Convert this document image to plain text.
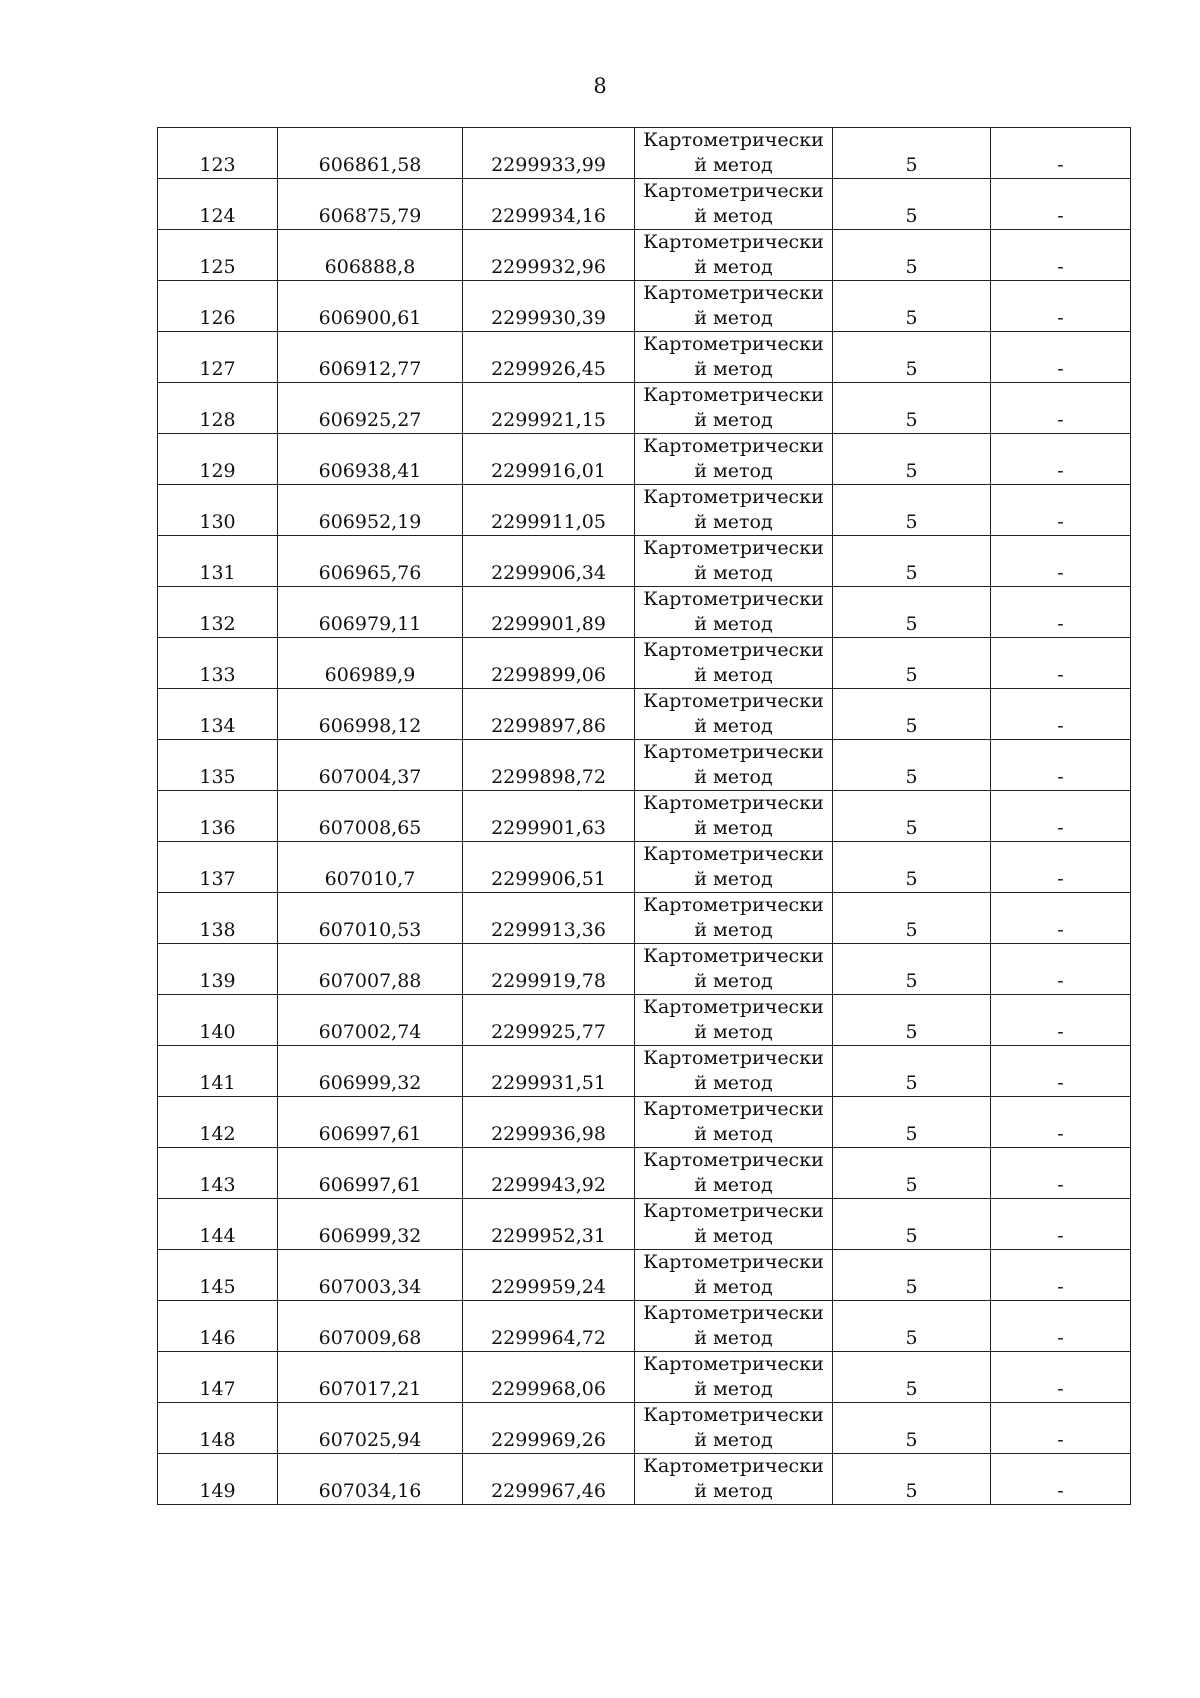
8
123	606861,58	2299933,99	Картометрически
й метод	5	-
124	606875,79	2299934,16	Картометрически
й метод	5	-
125	606888,8	2299932,96	Картометрически
й метод	5	-
126	606900,61	2299930,39	Картометрически
й метод	5	-
127	606912,77	2299926,45	Картометрически
й метод	5	-
128	606925,27	2299921,15	Картометрически
й метод	5	-
129	606938,41	2299916,01	Картометрически
й метод	5	-
130	606952,19	2299911,05	Картометрически
й метод	5	-
131	606965,76	2299906,34	Картометрически
й метод	5	-
132	606979,11	2299901,89	Картометрически
й метод	5	-
133	606989,9	2299899,06	Картометрически
й метод	5	-
134	606998,12	2299897,86	Картометрически
й метод	5	-
135	607004,37	2299898,72	Картометрически
й метод	5	-
136	607008,65	2299901,63	Картометрически
й метод	5	-
137	607010,7	2299906,51	Картометрически
й метод	5	-
138	607010,53	2299913,36	Картометрически
й метод	5	-
139	607007,88	2299919,78	Картометрически
й метод	5	-
140	607002,74	2299925,77	Картометрически
й метод	5	-
141	606999,32	2299931,51	Картометрически
й метод	5	-
142	606997,61	2299936,98	Картометрически
й метод	5	-
143	606997,61	2299943,92	Картометрически
й метод	5	-
144	606999,32	2299952,31	Картометрически
й метод	5	-
145	607003,34	2299959,24	Картометрически
й метод	5	-
146	607009,68	2299964,72	Картометрически
й метод	5	-
147	607017,21	2299968,06	Картометрически
й метод	5	-
148	607025,94	2299969,26	Картометрически
й метод	5	-
149	607034,16	2299967,46	Картометрически
й метод	5	-
